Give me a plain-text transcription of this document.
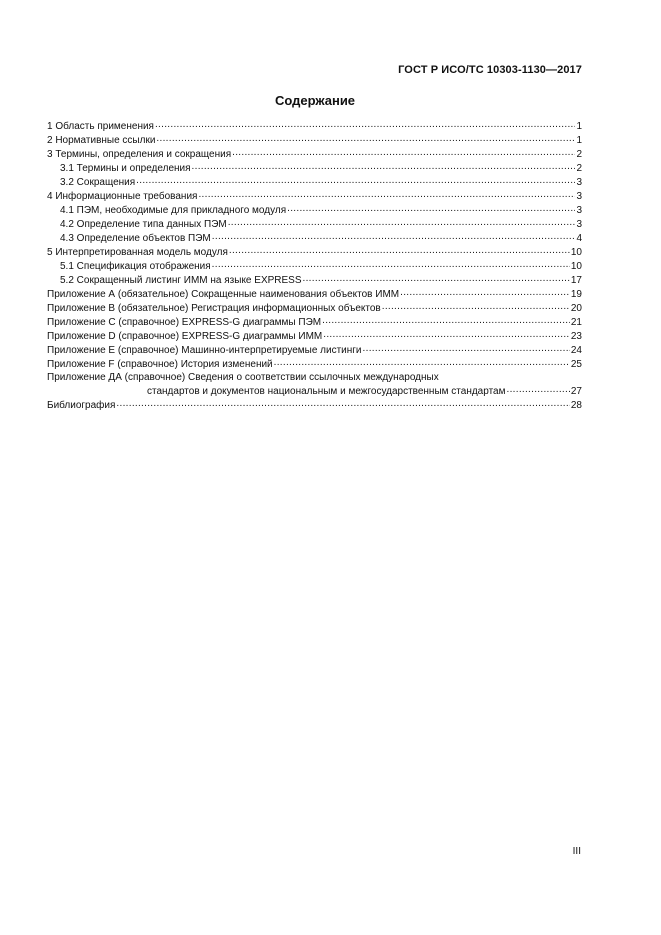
ГОСТ Р ИСО/ТС 10303-1130—2017
Содержание
1 Область применения .....	1
2 Нормативные ссылки .....	1
3 Термины, определения и сокращения .....	2
3.1 Термины и определения .....	2
3.2 Сокращения .....	3
4 Информационные требования .....	3
4.1 ПЭМ, необходимые для прикладного модуля .....	3
4.2 Определение типа данных ПЭМ .....	3
4.3 Определение объектов ПЭМ .....	4
5 Интерпретированная модель модуля .....	10
5.1 Спецификация отображения .....	10
5.2 Сокращенный листинг ИММ на языке EXPRESS .....	17
Приложение А (обязательное) Сокращенные наименования объектов ИММ .....	19
Приложение В (обязательное) Регистрация информационных объектов .....	20
Приложение С (справочное) EXPRESS-G диаграммы ПЭМ .....	21
Приложение D (справочное) EXPRESS-G диаграммы ИММ .....	23
Приложение Е (справочное) Машинно-интерпретируемые листинги .....	24
Приложение F (справочное) История изменений .....	25
Приложение ДА (справочное) Сведения о соответствии ссылочных международных
стандартов и документов национальным и межгосударственным стандартам .....	27
Библиография .....	28
III
